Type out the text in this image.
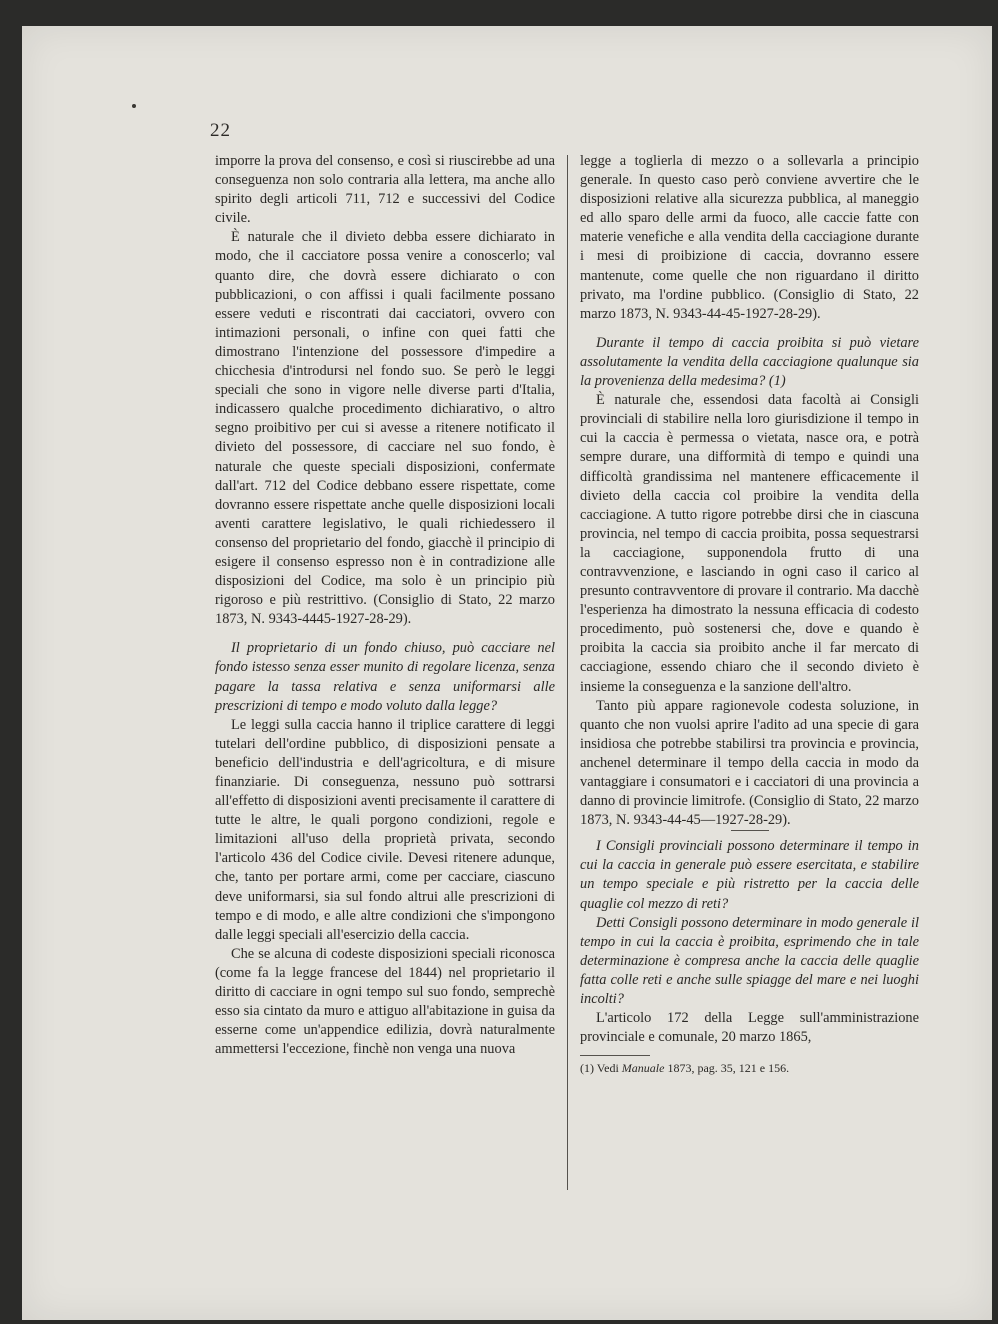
22

imporre la prova del consenso, e così si riuscirebbe ad una conseguenza non solo contraria alla lettera, ma anche allo spirito degli articoli 711, 712 e successivi del Codice civile.

È naturale che il divieto debba essere dichiarato in modo, che il cacciatore possa venire a conoscerlo; val quanto dire, che dovrà essere dichiarato o con pubblicazioni, o con affissi i quali facilmente possano essere veduti e riscontrati dai cacciatori, ovvero con intimazioni personali, o infine con quei fatti che dimostrano l'intenzione del possessore d'impedire a chicchesia d'introdursi nel fondo suo. Se però le leggi speciali che sono in vigore nelle diverse parti d'Italia, indicassero qualche procedimento dichiarativo, o altro segno proibitivo per cui si avesse a ritenere notificato il divieto del possessore, di cacciare nel suo fondo, è naturale che queste speciali disposizioni, confermate dall'art. 712 del Codice debbano essere rispettate, come dovranno essere rispettate anche quelle disposizioni locali aventi carattere legislativo, le quali richiedessero il consenso del proprietario del fondo, giacchè il principio di esigere il consenso espresso non è in contradizione alle disposizioni del Codice, ma solo è un principio più rigoroso e più restrittivo. (Consiglio di Stato, 22 marzo 1873, N. 9343-4445-1927-28-29).

Il proprietario di un fondo chiuso, può cacciare nel fondo istesso senza esser munito di regolare licenza, senza pagare la tassa relativa e senza uniformarsi alle prescrizioni di tempo e modo voluto dalla legge?

Le leggi sulla caccia hanno il triplice carattere di leggi tutelari dell'ordine pubblico, di disposizioni pensate a beneficio dell'industria e dell'agricoltura, e di misure finanziarie. Di conseguenza, nessuno può sottrarsi all'effetto di disposizioni aventi precisamente il carattere di tutte le altre, le quali porgono condizioni, regole e limitazioni all'uso della proprietà privata, secondo l'articolo 436 del Codice civile. Devesi ritenere adunque, che, tanto per portare armi, come per cacciare, ciascuno deve uniformarsi, sia sul fondo altrui alle prescrizioni di tempo e di modo, e alle altre condizioni che s'impongono dalle leggi speciali all'esercizio della caccia.

Che se alcuna di codeste disposizioni speciali riconosca (come fa la legge francese del 1844) nel proprietario il diritto di cacciare in ogni tempo sul suo fondo, semprechè esso sia cintato da muro e attiguo all'abitazione in guisa da esserne come un'appendice edilizia, dovrà naturalmente ammettersi l'eccezione, finchè non venga una nuova

legge a toglierla di mezzo o a sollevarla a principio generale. In questo caso però conviene avvertire che le disposizioni relative alla sicurezza pubblica, al maneggio ed allo sparo delle armi da fuoco, alle caccie fatte con materie venefiche e alla vendita della cacciagione durante i mesi di proibizione di caccia, dovranno essere mantenute, come quelle che non riguardano il diritto privato, ma l'ordine pubblico. (Consiglio di Stato, 22 marzo 1873, N. 9343-44-45-1927-28-29).

Durante il tempo di caccia proibita si può vietare assolutamente la vendita della cacciagione qualunque sia la provenienza della medesima? (1)

È naturale che, essendosi data facoltà ai Consigli provinciali di stabilire nella loro giurisdizione il tempo in cui la caccia è permessa o vietata, nasce ora, e potrà sempre durare, una difformità di tempo e quindi una difficoltà grandissima nel mantenere efficacemente il divieto della caccia col proibire la vendita della cacciagione. A tutto rigore potrebbe dirsi che in ciascuna provincia, nel tempo di caccia proibita, possa sequestrarsi la cacciagione, supponendola frutto di una contravvenzione, e lasciando in ogni caso il carico al presunto contravventore di provare il contrario. Ma dacchè l'esperienza ha dimostrato la nessuna efficacia di codesto procedimento, può sostenersi che, dove e quando è proibita la caccia sia proibito anche il far mercato di cacciagione, essendo chiaro che il secondo divieto è insieme la conseguenza e la sanzione dell'altro.

Tanto più appare ragionevole codesta soluzione, in quanto che non vuolsi aprire l'adito ad una specie di gara insidiosa che potrebbe stabilirsi tra provincia e provincia, anchenel determinare il tempo della caccia in modo da vantaggiare i consumatori e i cacciatori di una provincia a danno di provincie limitrofe. (Consiglio di Stato, 22 marzo 1873, N. 9343-44-45—1927-28-29).

I Consigli provinciali possono determinare il tempo in cui la caccia in generale può essere esercitata, e stabilire un tempo speciale e più ristretto per la caccia delle quaglie col mezzo di reti?

Detti Consigli possono determinare in modo generale il tempo in cui la caccia è proibita, esprimendo che in tale determinazione è compresa anche la caccia delle quaglie fatta colle reti e anche sulle spiagge del mare e nei luoghi incolti?

L'articolo 172 della Legge sull'amministrazione provinciale e comunale, 20 marzo 1865,

(1) Vedi Manuale 1873, pag. 35, 121 e 156.
